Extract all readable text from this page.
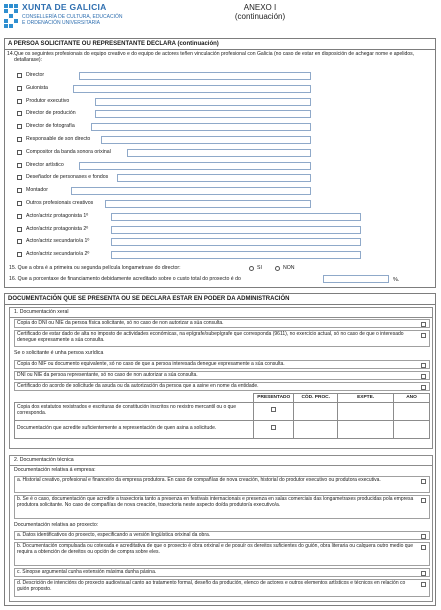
XUNTA DE GALICIA
CONSELLERÍA DE CULTURA, EDUCACIÓN
E ORDENACIÓN UNIVERSITARIA
ANEXO I
(continuación)
A PERSOA SOLICITANTE OU REPRESENTANTE DECLARA (continuación)
14. Que os seguintes profesionais do equipo creativo e do equipo de actores teñen vinculación profesional con Galicia (no caso de estar en disposición de achegar nome e apelidos, detallarase):
Director
Guionista
Produtor executivo
Director de produción
Director de fotografía
Responsable de son directo
Compositor da banda sonora orixinal
Director artístico
Deseñador de personaxes e fondos
Montador
Outros profesionais creativos
Actor/actriz protagonista 1º
Actor/actriz protagonista 2º
Actor/actriz secundario/a 1º
Actor/actriz secundario/a 2º
15. Que a obra é a primeira ou segunda película longametraxe do director:	SI	NON
16. Que a porcentaxe de financiamento debidamente acreditado sobre o custo total do proxecto é do	%.
DOCUMENTACIÓN QUE SE PRESENTA OU SE DECLARA ESTAR EN PODER DA ADMINISTRACIÓN
1. Documentación xeral
Copia do DNI ou NIE da persoa física solicitante, só no caso de non autorizar a súa consulta.
Certificado de estar dado de alta no imposto de actividades económicas, na epígrafe/subepígrafe que corresponda (9611), no exercicio actual, só no caso de que o interesado denegue expresamente a súa consulta.
Se o solicitante é unha persoa xurídica
Copia do NIF ou documento equivalente, só no caso de que a persoa interesada denegue expresamente a súa consulta.
DNI ou NIE da persoa representante, só no caso de non autorizar a súa consulta.
Certificado do acordo de solicitude da axuda ou da autorización da persoa que a asine en nome da entidade.
	PRESENTADO	CÓD. PROC.	EXPTE.	ANO
Copia dos estatutos rexistrados e escrituras de constitución inscritos no rexistro mercantil ou o que corresponda.				
Documentación que acredite suficientemente a representación de quen asina a solicitude.				
2. Documentación técnica
Documentación relativa á empresa:
a. Historial creativo, profesional e financeiro da empresa produtora. En caso de compañías de nova creación, historial do produtor executivo ou produtora executiva.
b. Se é o caso, documentación que acredite a traxectoria tanto a presenza en festivais internacionais e presenza en salas comerciais das longametraxes producidas pola empresa produtora solicitante. No caso de compañías de nova creación, traxectoria neste aspecto do/da produtor/a executivo/a.
Documentación relativa ao proxecto:
a. Datos identificativos do proxecto, especificando a versión lingüística orixinal da obra.
b. Documentación compulsada ou cotexada e acreditativa de que o proxecto é obra orixinal e de posuír os dereitos suficientes do guión, obra literaria ou calquera outro medio que requira a obtención de dereitos ou opción de compra sobre eles.
c. Sinopse argumental cunha extensión máxima dunha páxina.
d. Descrición de intencións do proxecto audiovisual canto ao tratamento formal, deseño da produción, elenco de actores e outros elementos artísticos e técnicos en relación co guión proposto.
